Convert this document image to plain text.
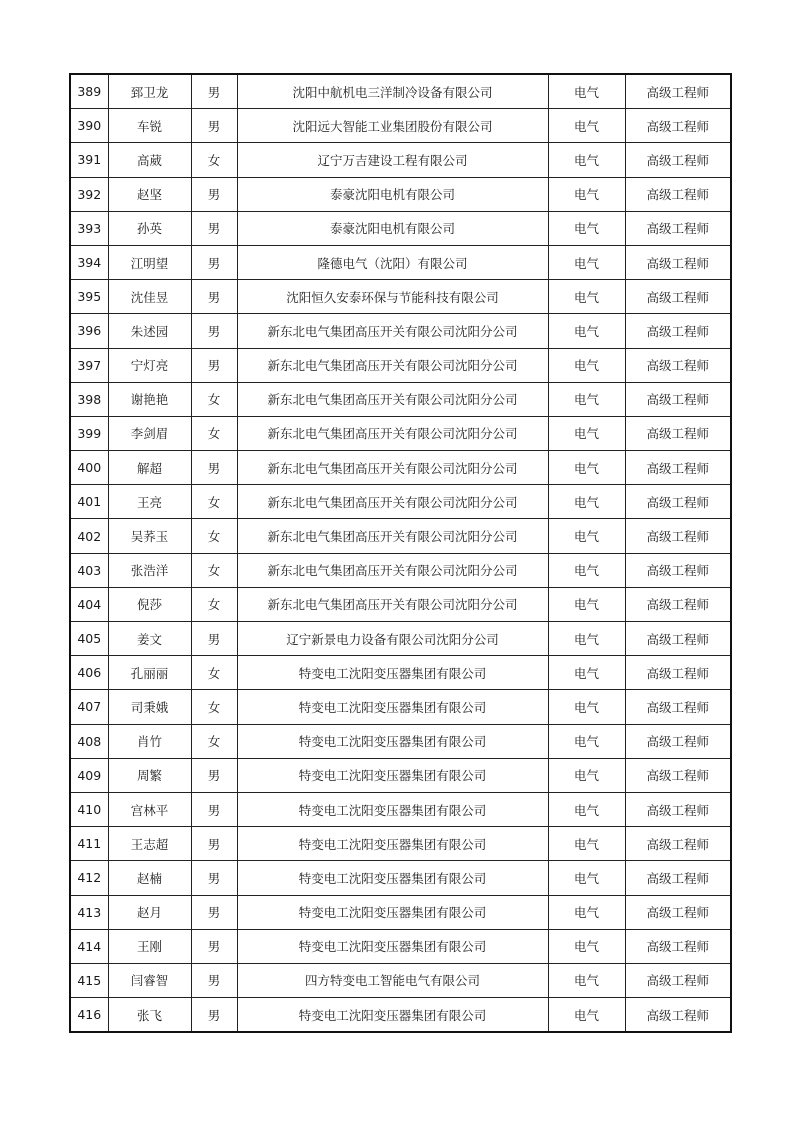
389	郅卫龙	男	沈阳中航机电三洋制冷设备有限公司	电气	高级工程师
390	车锐	男	沈阳远大智能工业集团股份有限公司	电气	高级工程师
391	高葳	女	辽宁万吉建设工程有限公司	电气	高级工程师
392	赵坚	男	泰豪沈阳电机有限公司	电气	高级工程师
393	孙英	男	泰豪沈阳电机有限公司	电气	高级工程师
394	江明望	男	隆德电气（沈阳）有限公司	电气	高级工程师
395	沈佳昱	男	沈阳恒久安泰环保与节能科技有限公司	电气	高级工程师
396	朱述园	男	新东北电气集团高压开关有限公司沈阳分公司	电气	高级工程师
397	宁灯亮	男	新东北电气集团高压开关有限公司沈阳分公司	电气	高级工程师
398	谢艳艳	女	新东北电气集团高压开关有限公司沈阳分公司	电气	高级工程师
399	李剑眉	女	新东北电气集团高压开关有限公司沈阳分公司	电气	高级工程师
400	解超	男	新东北电气集团高压开关有限公司沈阳分公司	电气	高级工程师
401	王亮	女	新东北电气集团高压开关有限公司沈阳分公司	电气	高级工程师
402	吴荞玉	女	新东北电气集团高压开关有限公司沈阳分公司	电气	高级工程师
403	张浩洋	女	新东北电气集团高压开关有限公司沈阳分公司	电气	高级工程师
404	倪莎	女	新东北电气集团高压开关有限公司沈阳分公司	电气	高级工程师
405	姜文	男	辽宁新景电力设备有限公司沈阳分公司	电气	高级工程师
406	孔丽丽	女	特变电工沈阳变压器集团有限公司	电气	高级工程师
407	司秉娥	女	特变电工沈阳变压器集团有限公司	电气	高级工程师
408	肖竹	女	特变电工沈阳变压器集团有限公司	电气	高级工程师
409	周繁	男	特变电工沈阳变压器集团有限公司	电气	高级工程师
410	宫林平	男	特变电工沈阳变压器集团有限公司	电气	高级工程师
411	王志超	男	特变电工沈阳变压器集团有限公司	电气	高级工程师
412	赵楠	男	特变电工沈阳变压器集团有限公司	电气	高级工程师
413	赵月	男	特变电工沈阳变压器集团有限公司	电气	高级工程师
414	王刚	男	特变电工沈阳变压器集团有限公司	电气	高级工程师
415	闫睿智	男	四方特变电工智能电气有限公司	电气	高级工程师
416	张飞	男	特变电工沈阳变压器集团有限公司	电气	高级工程师
